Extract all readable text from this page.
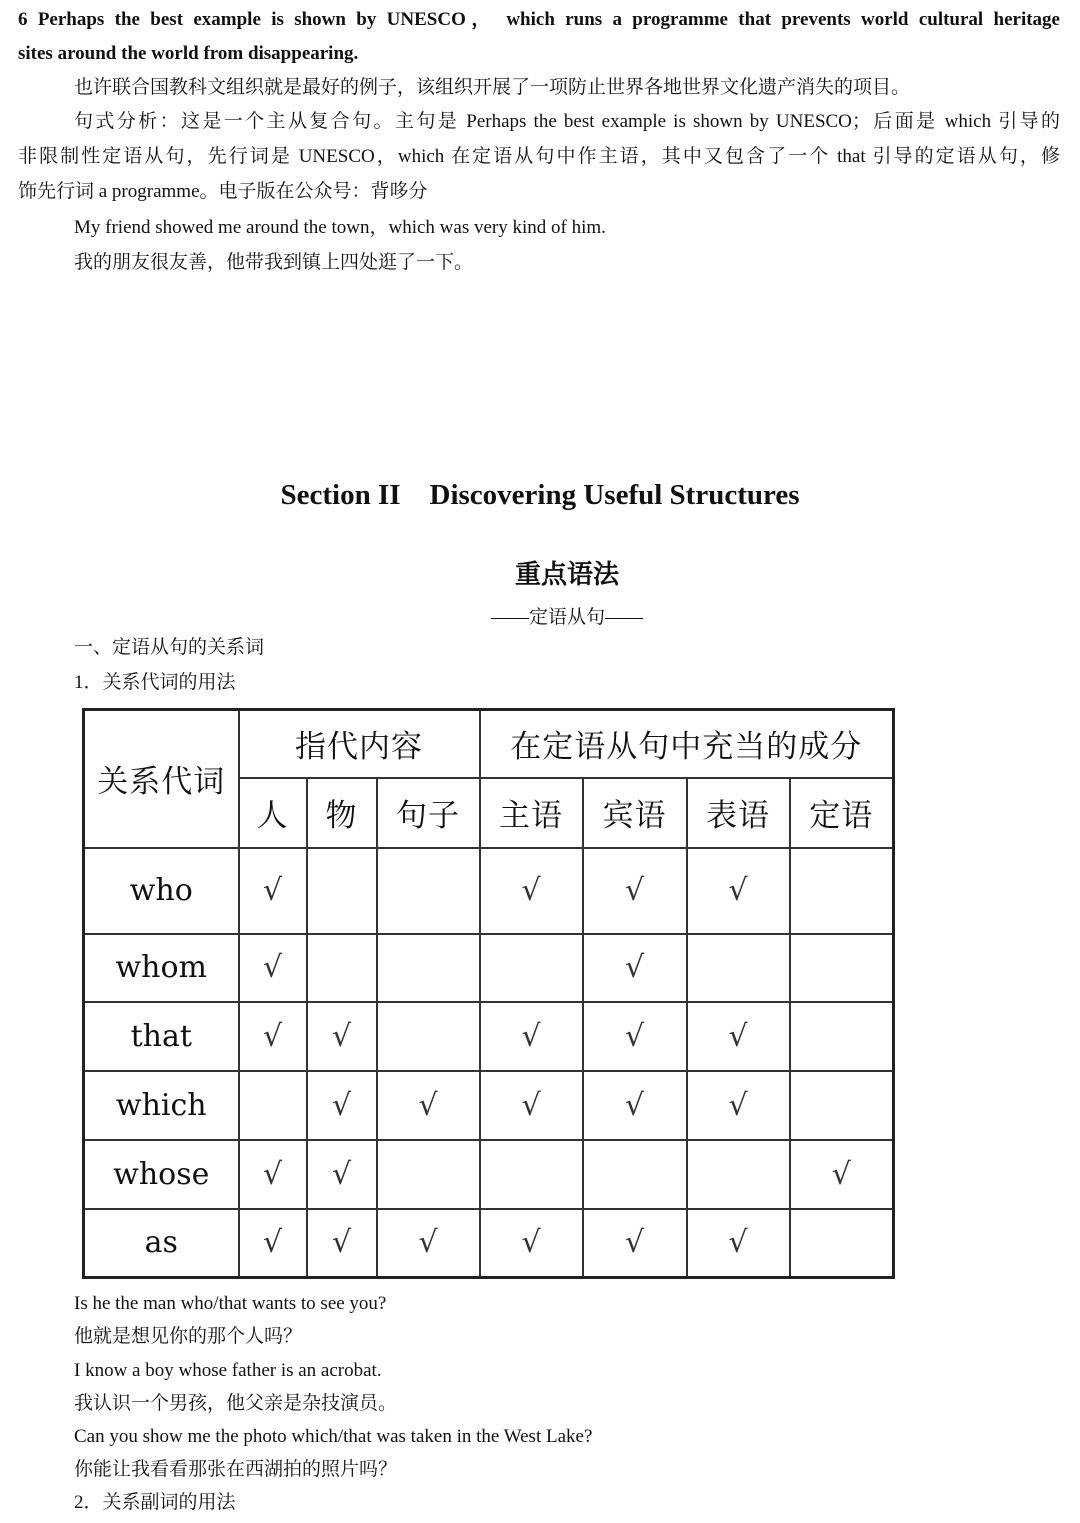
6 Perhaps the best example is shown by UNESCO， which runs a programme that prevents world cultural heritage
sites around the world from disappearing.
也许联合国教科文组织就是最好的例子，该组织开展了一项防止世界各地世界文化遗产消失的项目。
句式分析：这是一个主从复合句。主句是 Perhaps the best example is shown by UNESCO；后面是 which 引导的
非限制性定语从句，先行词是 UNESCO，which 在定语从句中作主语，其中又包含了一个 that 引导的定语从句，修
饰先行词 a programme。电子版在公众号：背哆分
My friend showed me around the town，which was very kind of him.
我的朋友很友善，他带我到镇上四处逛了一下。
Section II    Discovering Useful Structures
重点语法
——定语从句——
一、定语从句的关系词
1．关系代词的用法
关系代词	指代内容			在定语从句中充当的成分			
	人	物	句子	主语	宾语	表语	定语
who	√			√	√	√	
whom	√				√		
that	√	√		√	√	√	
which		√	√	√	√	√	
whose	√	√					√
as	√	√	√	√	√	√	
Is he the man who/that wants to see you?
他就是想见你的那个人吗？
I know a boy whose father is an acrobat.
我认识一个男孩，他父亲是杂技演员。
Can you show me the photo which/that was taken in the West Lake?
你能让我看看那张在西湖拍的照片吗？
2．关系副词的用法
